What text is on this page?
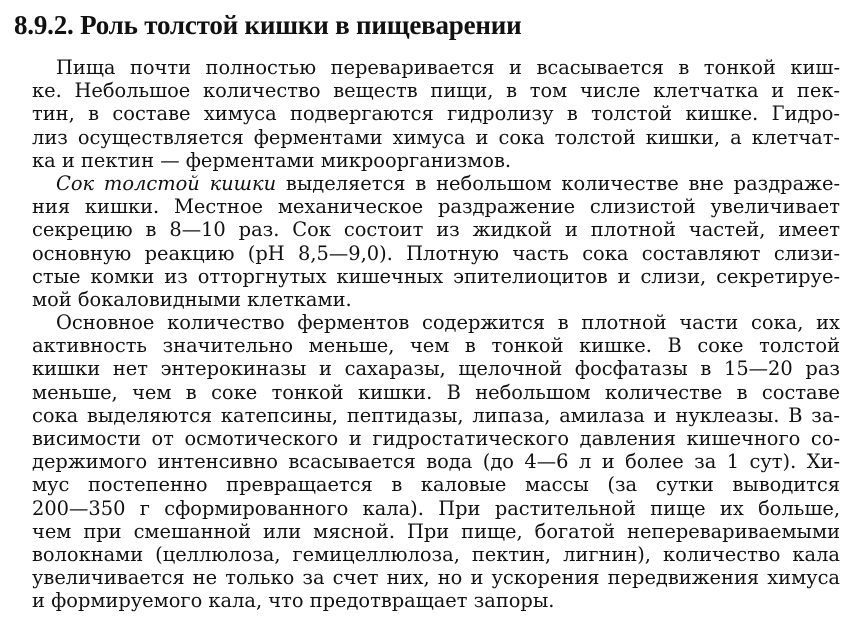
8.9.2. Роль толстой кишки в пищеварении
Пища почти полностью переваривается и всасывается в тонкой киш-
ке. Небольшое количество веществ пищи, в том числе клетчатка и пек-
тин, в составе химуса подвергаются гидролизу в толстой кишке. Гидро-
лиз осуществляется ферментами химуса и сока толстой кишки, а клетчат-
ка и пектин — ферментами микроорганизмов.
Сок толстой кишки выделяется в небольшом количестве вне раздраже-
ния кишки. Местное механическое раздражение слизистой увеличивает
секрецию в 8—10 раз. Сок состоит из жидкой и плотной частей, имеет
основную реакцию (рН 8,5—9,0). Плотную часть сока составляют слизи-
стые комки из отторгнутых кишечных эпителиоцитов и слизи, секретируе-
мой бокаловидными клетками.
Основное количество ферментов содержится в плотной части сока, их
активность значительно меньше, чем в тонкой кишке. В соке толстой
кишки нет энтерокиназы и сахаразы, щелочной фосфатазы в 15—20 раз
меньше, чем в соке тонкой кишки. В небольшом количестве в составе
сока выделяются катепсины, пептидазы, липаза, амилаза и нуклеазы. В за-
висимости от осмотического и гидростатического давления кишечного со-
держимого интенсивно всасывается вода (до 4—6 л и более за 1 сут). Хи-
мус постепенно превращается в каловые массы (за сутки выводится
200—350 г сформированного кала). При растительной пище их больше,
чем при смешанной или мясной. При пище, богатой неперевариваемыми
волокнами (целлюлоза, гемицеллюлоза, пектин, лигнин), количество кала
увеличивается не только за счет них, но и ускорения передвижения химуса
и формируемого кала, что предотвращает запоры.
